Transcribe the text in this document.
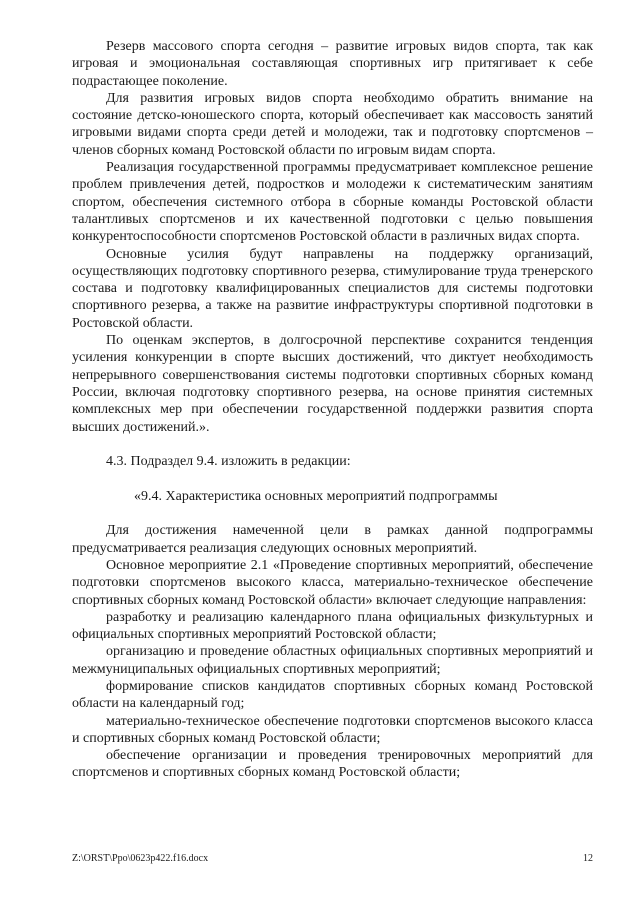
Резерв массового спорта сегодня – развитие игровых видов спорта, так как игровая и эмоциональная составляющая спортивных игр притягивает к себе подрастающее поколение.

Для развития игровых видов спорта необходимо обратить внимание на состояние детско-юношеского спорта, который обеспечивает как массовость занятий игровыми видами спорта среди детей и молодежи, так и подготовку спортсменов – членов сборных команд Ростовской области по игровым видам спорта.

Реализация государственной программы предусматривает комплексное решение проблем привлечения детей, подростков и молодежи к систематическим занятиям спортом, обеспечения системного отбора в сборные команды Ростовской области талантливых спортсменов и их качественной подготовки с целью повышения конкурентоспособности спортсменов Ростовской области в различных видах спорта.

Основные усилия будут направлены на поддержку организаций, осуществляющих подготовку спортивного резерва, стимулирование труда тренерского состава и подготовку квалифицированных специалистов для системы подготовки спортивного резерва, а также на развитие инфраструктуры спортивной подготовки в Ростовской области.

По оценкам экспертов, в долгосрочной перспективе сохранится тенденция усиления конкуренции в спорте высших достижений, что диктует необходимость непрерывного совершенствования системы подготовки спортивных сборных команд России, включая подготовку спортивного резерва, на основе принятия системных комплексных мер при обеспечении государственной поддержки развития спорта высших достижений.».

4.3. Подраздел 9.4. изложить в редакции:

«9.4. Характеристика основных мероприятий подпрограммы

Для достижения намеченной цели в рамках данной подпрограммы предусматривается реализация следующих основных мероприятий.

Основное мероприятие 2.1 «Проведение спортивных мероприятий, обеспечение подготовки спортсменов высокого класса, материально-техническое обеспечение спортивных сборных команд Ростовской области» включает следующие направления:

разработку и реализацию календарного плана официальных физкультурных и официальных спортивных мероприятий Ростовской области;

организацию и проведение областных официальных спортивных мероприятий и межмуниципальных официальных спортивных мероприятий;

формирование списков кандидатов спортивных сборных команд Ростовской области на календарный год;

материально-техническое обеспечение подготовки спортсменов высокого класса и спортивных сборных команд Ростовской области;

обеспечение организации и проведения тренировочных мероприятий для спортсменов и спортивных сборных команд Ростовской области;

Z:\ORST\Ppo\0623p422.f16.docx	12
